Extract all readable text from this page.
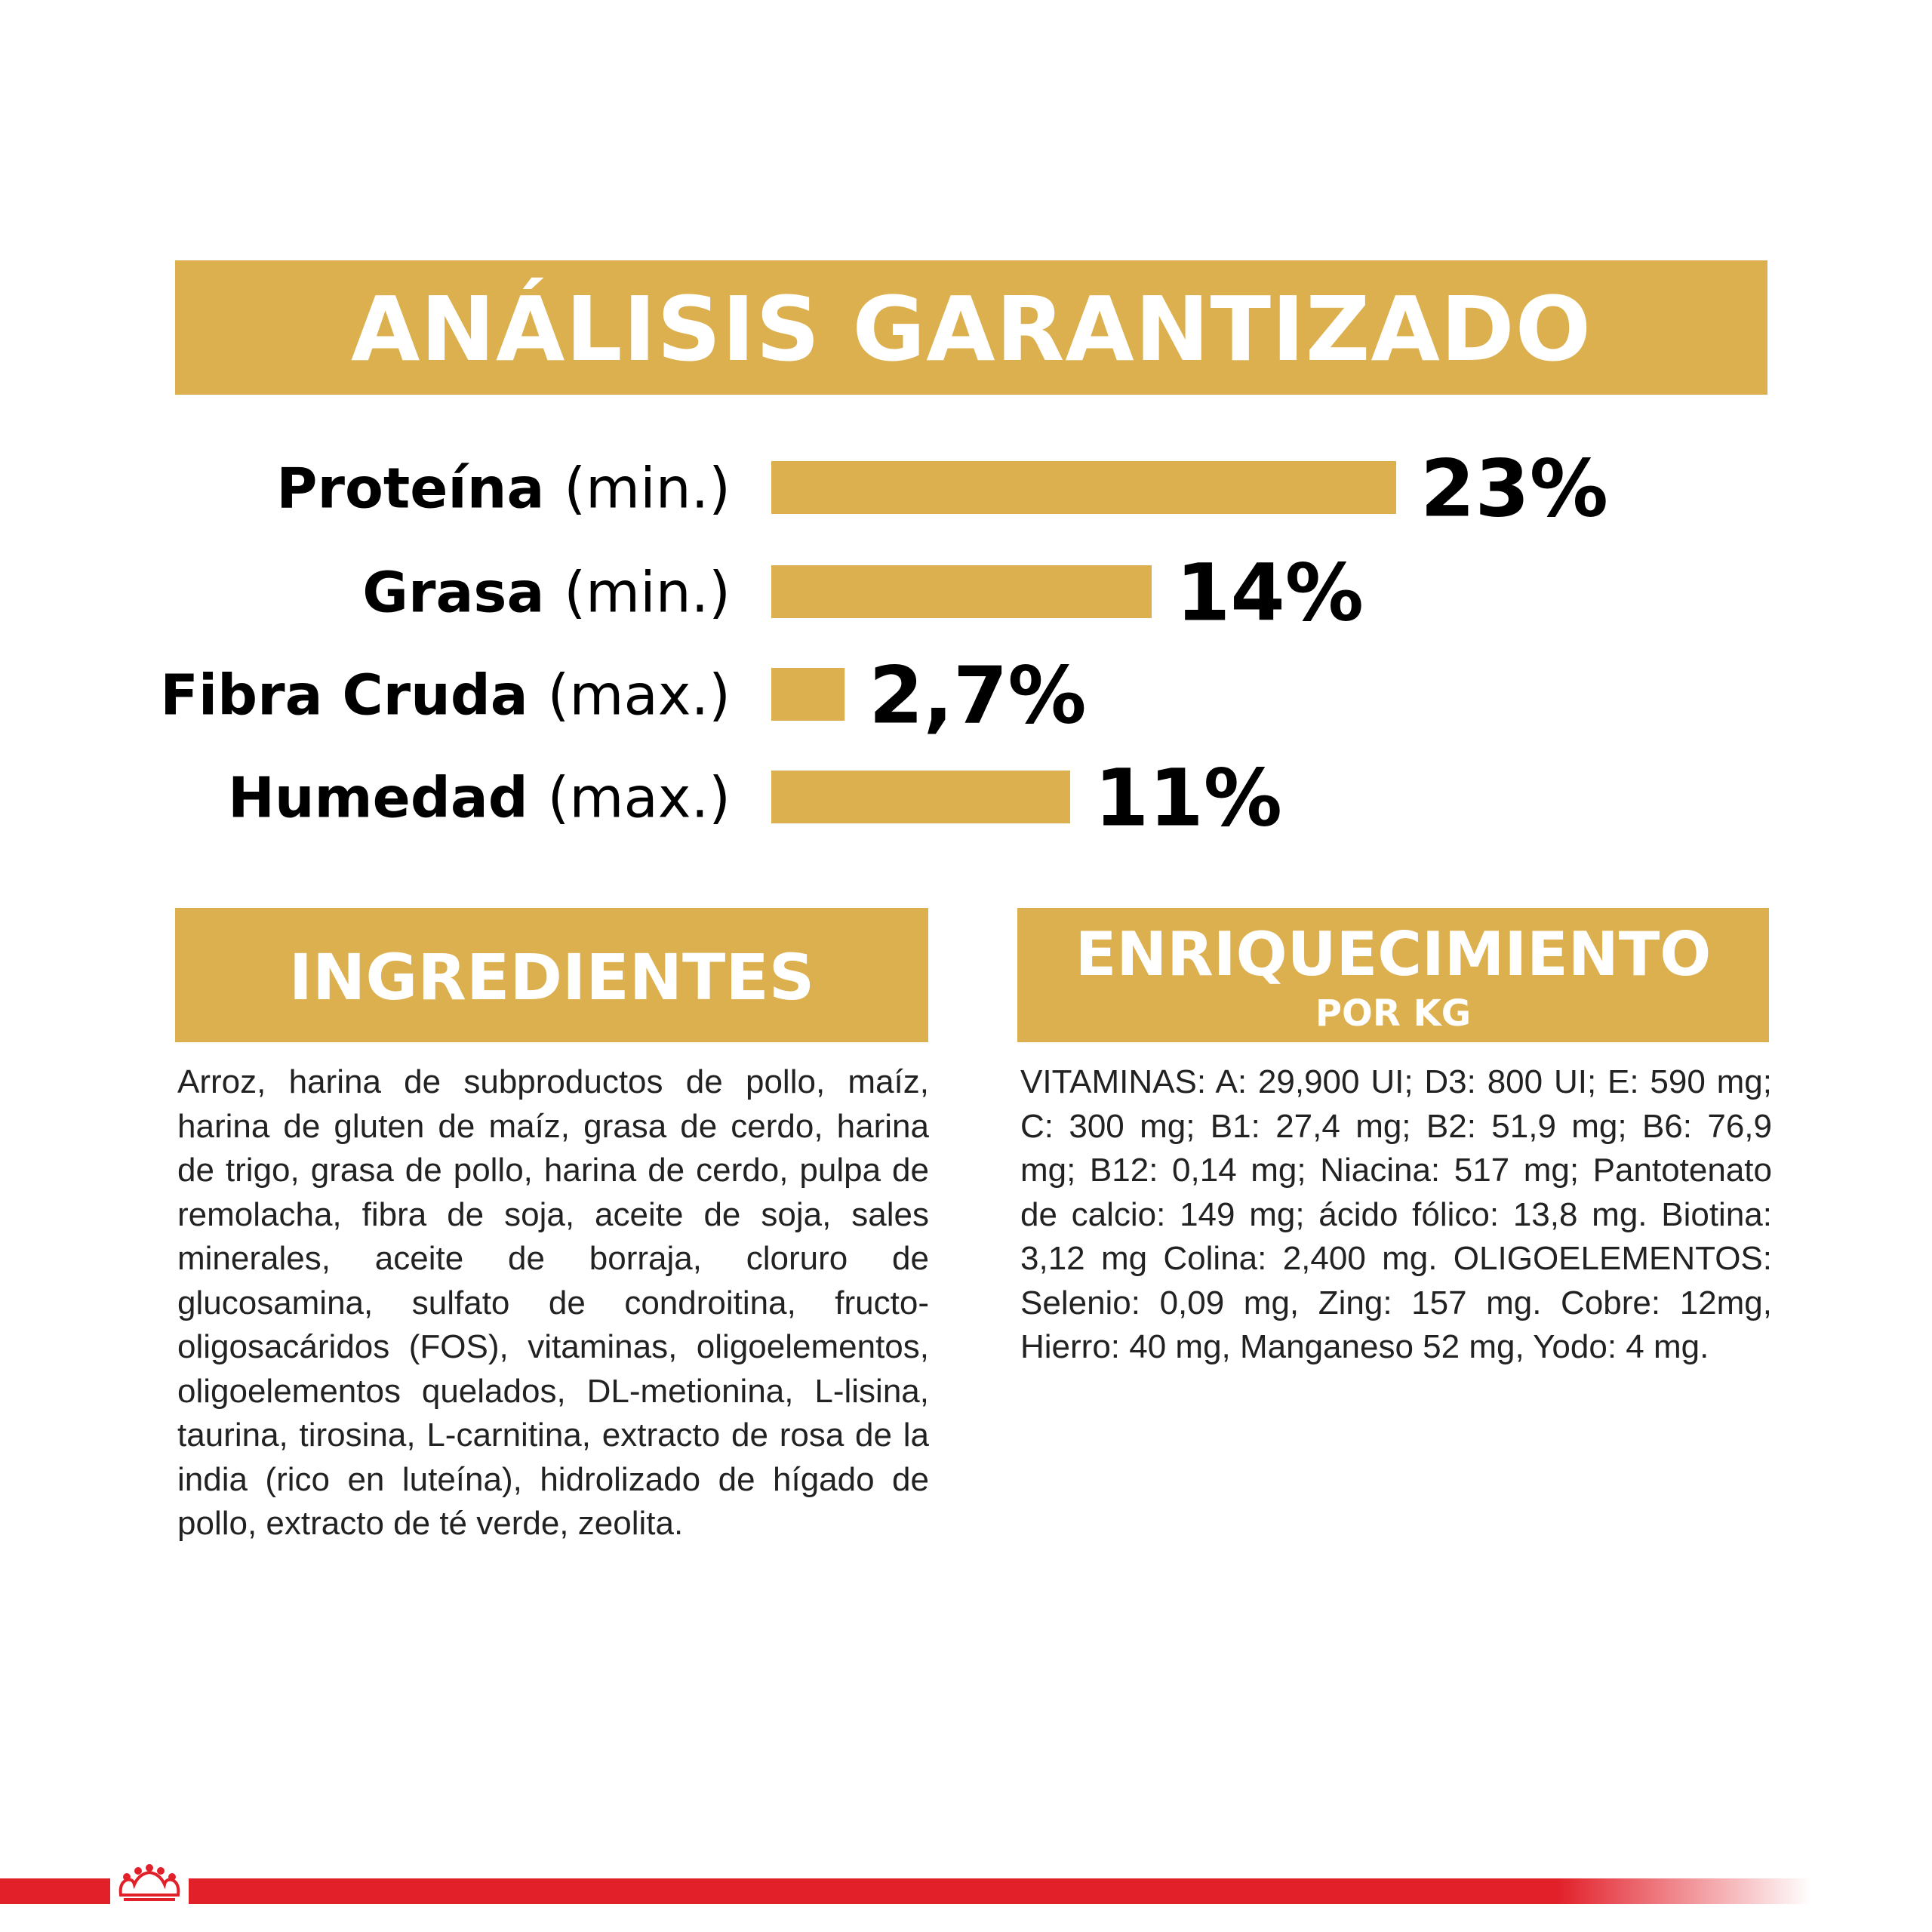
ANÁLISIS GARANTIZADO
Proteína (min.)	23%
Grasa (min.)	14%
Fibra Cruda (max.) 2,7%
Humedad (max.)	11%
INGREDIENTES

Arroz, harina de subproductos de pollo, maíz, harina de gluten de maíz, grasa de cerdo, harina de trigo, grasa de pollo, harina de cerdo, pulpa de remolacha, fibra de soja, aceite de soja, sales minerales, aceite de borraja, cloruro de glucosamina, sulfato de condroitina, fructo-oligosacáridos (FOS), vitaminas, oligoelementos, oligoelementos quelados, DL-metionina, L-lisina, taurina, tirosina, L-carnitina, extracto de rosa de la india (rico en luteína), hidrolizado de hígado de pollo, extracto de té verde, zeolita.

ENRIQUECIMIENTO
POR KG

VITAMINAS: A: 29,900 UI; D3: 800 UI; E: 590 mg; C: 300 mg; B1: 27,4 mg; B2: 51,9 mg; B6: 76,9 mg; B12: 0,14 mg; Niacina: 517 mg; Pantotenato de calcio: 149 mg; ácido fólico: 13,8 mg. Biotina: 3,12 mg Colina: 2,400 mg. OLIGOELEMENTOS: Selenio: 0,09 mg, Zing: 157 mg. Cobre: 12mg, Hierro: 40 mg, Manganeso 52 mg, Yodo: 4 mg.
